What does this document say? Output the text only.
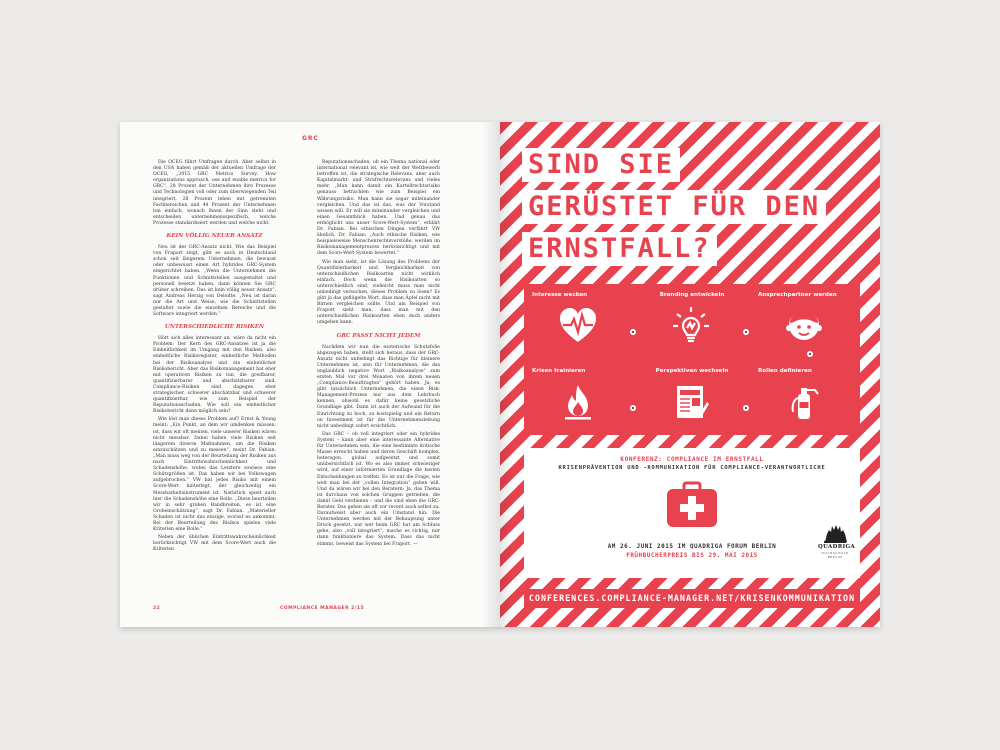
GRC

Die OCEG führt Umfragen durch. Aber selbst in den USA haben gemäß der aktuellen Umfrage der OCEG, „2015 GRC Metrics Survey. How organizations approach, use and enable metrics for GRC“, 28 Prozent der Unternehmen ihre Prozesse und Technologien voll oder zum überwiegenden Teil integriert, 28 Prozent leben mit getrennten Fachbereichen und 44 Prozent der Unternehmen tun einfach, wonach ihnen der Sinn steht und entscheiden unternehmensspezifisch, welche Prozesse standardisiert werden und welche nicht.

KEIN VÖLLIG NEUER ANSATZ

Neu ist der GRC-Ansatz nicht. Wie das Beispiel von Fraport zeigt, gibt es auch in Deutschland schon seit längerem Unternehmen, die bewusst oder unbewusst einen Art hybrides GRC-System eingerichtet haben. „Wenn die Unternehmen die Funktionen und Schnittstellen ausgestaltet und personell besetzt haben, dann können Sie GRC drüber schreiben. Das ist kein völlig neuer Ansatz“, sagt Andreas Herzig von Deloitte. „Neu ist daran nur die Art und Weise, wie die Schnittstellen gestaltet sowie die einzelnen Bereiche und die Software integriert werden.“

UNTERSCHIEDLICHE RISIKEN

Hört sich alles interessant an, wäre da nicht ein Problem: Der Kern des GRC-Ansatzes ist ja die Einheitlichkeit im Umgang mit den Risiken, also einheitliche Risikoregister, einheitliche Methoden bei der Risikoanalyse und ein einheitlicher Risikobericht. Aber das Risikomanagement hat eher mit operativen Risiken zu tun, die greifbarer, quantifizierbarer und abschätzbarer sind. Compliance-Risiken sind dagegen eher strategischer, schwerer abschätzbar und schwerer quantifizierbar, wie zum Beispiel der Reputationsschaden. Wie soll ein einheitlicher Risikobericht dann möglich sein?

Wie löst man dieses Problem auf? Ernst & Young meint: „Ein Punkt, an dem wir umdenken müssen, ist, dass wir oft meinen, viele unserer Risiken wären nicht messbar. Dabei haben viele Risiken seit längerem diverse Maßnahmen, um die Risiken einzuschätzen und zu messen“, meint Dr. Fabian. „Man muss weg von der Beurteilung der Risiken aus nach Eintrittswahrscheinlichkeit und Schadenshöhe, wobei das Letztere sowieso eine Schätzgrößen ist. Das haben wir bei Volkswagen aufgebrochen.“ VW hat jedes Risiko mit einem Score-Wert hinterlegt, der gleichzeitig ein Messbarkeitsinstrument ist. Natürlich spielt auch hier die Schadenshöhe eine Rolle. „Diese beurteilen wir in sehr groben Bandbreiten, es ist eine Grobeinschätzung“, sagt Dr. Fabian. „Materieller Schaden ist nicht das einzige, worauf es ankommt. Bei der Beurteilung des Risikos spielen viele Kriterien eine Rolle.“

Neben der üblichen Eintrittswahrscheinlichkeit berücksichtigt VW mit dem Score-Wert auch die Kriterien

Reputationsschaden, ob ein Thema national oder international relevant ist, wie weit der Wettbewerb betroffen ist, die strategische Relevanz, aber auch Kapitalmarkt- und Strafrechtsrelevanz und vieles mehr. „Man kann damit ein Kartellrechtsrisiko genauso betrachten wie zum Beispiel ein Währungsrisiko. Man kann sie sogar miteinander vergleichen. Und das ist das, was der Vorstand wissen will. Er will sie miteinander vergleichen und einen Gesamtblick haben. Und genau das ermöglicht uns unser Score-Wert-System“, erklärt Dr. Fabian. Bei ethischen Dingen verfährt VW ähnlich. Dr. Fabian: „Auch ethische Risiken, wie beispielsweise Menschenrechtsverstöße, werden im Risikomanagementprozess berücksichtigt und mit dem Score-Wert-System bewertet.“

Wie man sieht, ist die Lösung des Problems der Quantifizierbarkeit und Vergleichbarkeit von unterschiedlichen Risikoarten nicht wirklich einfach. Doch wenn die Risikoarten so unterschiedlich sind, vielleicht muss man nicht unbedingt versuchen, dieses Problem zu lösen? Es gibt ja das geflügelte Wort, dass man Äpfel nicht mit Birnen vergleichen sollte. Und am Beispiel von Fraport sieht man, dass man mit den unterschiedlichen Risikoarten eben doch anders umgehen kann.

GRC PASST NICHT JEDEM

Nachdem wir nun die esoterische Schutzfolie abgezogen haben, stellt sich heraus, dass der GRC-Ansatz nicht unbedingt das Richtige für kleinere Unternehmen ist, also für Unternehmen, die das unglaublich negative Wort „Risikoanalyse“ zum ersten Mal vor drei Monaten von ihrem neuen „Compliance-Beauftragten“ gehört haben. Ja, es gibt tatsächlich Unternehmen, die einen Risk-Management-Prozess nur aus dem Lehrbuch kennen, obwohl es dafür keine gesetzliche Grundlage gibt. Dann ist auch der Aufwand für die Einrichtung zu hoch, zu kostspielig und ein Return on Investment ist für die Unternehmensleitung nicht unbedingt sofort ersichtlich.

Das GRC – ob voll integriert oder ein hybrides System – kann aber eine interessante Alternative für Unternehmen sein, die eine bestimmte kritische Masse erreicht haben und deren Geschäft komplex, heterogen, global aufgesetzt und somit unübersichtlich ist. Wo es also immer schwieriger wird, auf einer informierten Grundlage die besten Entscheidungen zu treffen. Es ist nur die Frage, wie weit man bei der „vollen Integration“ gehen will. Und da wären wir bei den Beratern: Ja, das Thema ist durchaus von solchen Gruppen getrieben, die damit Geld verdienen – und die sind eben die GRC-Berater. Das gehen sie oft vor recent auch selbst zu. Daraufweist aber auch ein Umstand hin: Die Unternehmen werden mit der Behauptung unter Druck gesetzt, nur wer beim GRC hat am Schluss gehe, also „voll integriert“, mache es richtig, nur dann funktioniere das System. Dass das nicht stimmt, beweist das System bei Fraport. —

22	COMPLIANCE MANAGER 2/15
SIND SIE
GERÜSTET FÜR DEN
ERNSTFALL?
Interesse wecken	Branding entwickeln	Ansprechpartner werden
Krisen trainieren	Perspektiven wechseln	Rollen definieren
KONFERENZ: COMPLIANCE IM ERNSTFALL
KRISENPRÄVENTION UND -KOMMUNIKATION FÜR COMPLIANCE-VERANTWORTLICHE
AM 26. JUNI 2015 IM QUADRIGA FORUM BERLIN
FRÜHBUCHERPREIS BIS 29. MAI 2015
QUADRIGA
HOCHSCHULE BERLIN
CONFERENCES.COMPLIANCE-MANAGER.NET/KRISENKOMMUNIKATION
